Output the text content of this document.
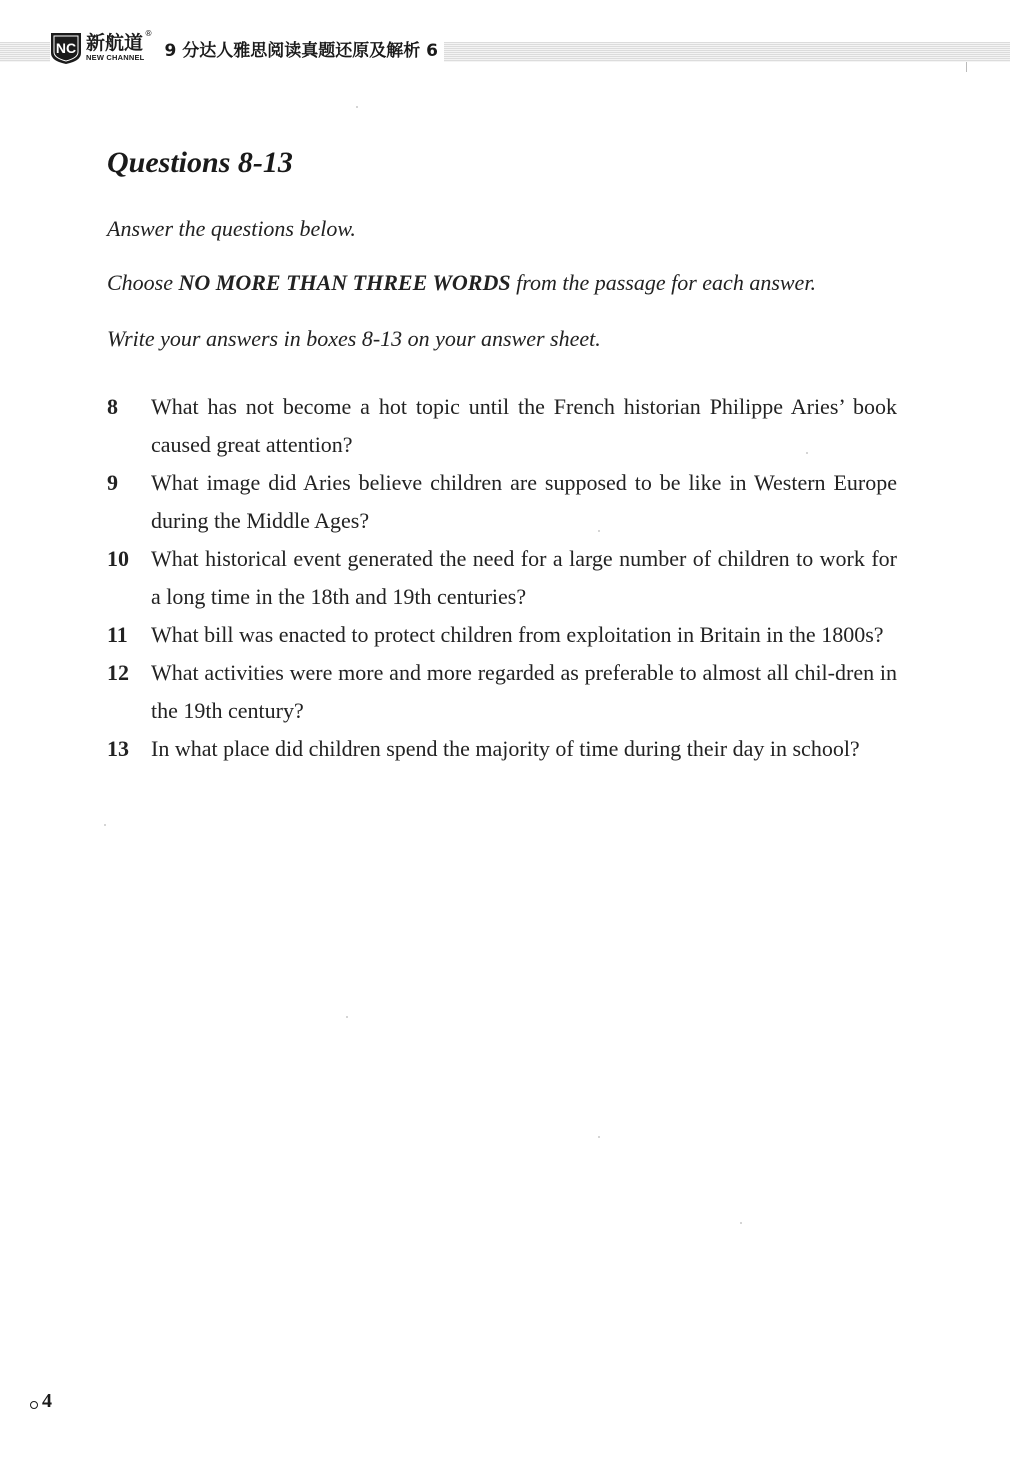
NC 新航道 ®
NEW CHANNEL 9 分达人雅思阅读真题还原及解析 6
Questions 8-13

Answer the questions below.

Choose NO MORE THAN THREE WORDS from the passage for each answer.

Write your answers in boxes 8-13 on your answer sheet.

8	What has not become a hot topic until the French historian Philippe Aries’ book caused great attention?
9	What image did Aries believe children are supposed to be like in Western Europe during the Middle Ages?
10	What historical event generated the need for a large number of children to work for a long time in the 18th and 19th centuries?
11	What bill was enacted to protect children from exploitation in Britain in the 1800s?
12	What activities were more and more regarded as preferable to almost all chil-dren in the 19th century?
13	In what place did children spend the majority of time during their day in school?
4
